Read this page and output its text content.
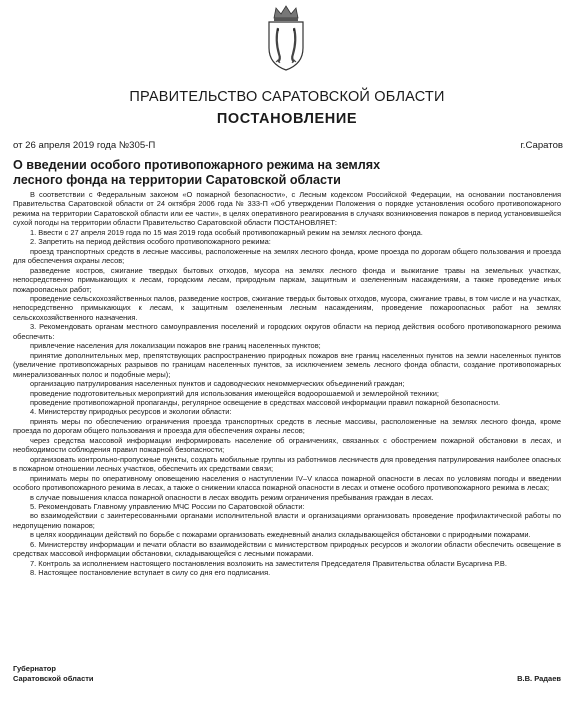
ПРАВИТЕЛЬСТВО САРАТОВСКОЙ ОБЛАСТИ
ПОСТАНОВЛЕНИЕ
от 26 апреля 2019 года №305-П	г.Саратов
О введении особого противопожарного режима на землях
лесного фонда на территории Саратовской области

В соответствии с Федеральным законом «О пожарной безопасности», с Лесным кодексом Российской Федерации, на основании постановления Правительства Саратовской области от 24 октября 2006 года № 333-П «Об утверждении Положения о порядке установления особого противопожарного режима на территории Саратовской области или ее части», в целях оперативного реагирования в случаях возникновения пожаров в период установившейся сухой погоды на территории области Правительство Саратовской области ПОСТАНОВЛЯЕТ:

1. Ввести с 27 апреля 2019 года по 15 мая 2019 года особый противопожарный режим на землях лесного фонда.

2. Запретить на период действия особого противопожарного режима:

проезд транспортных средств в лесные массивы, расположенные на землях лесного фонда, кроме проезда по дорогам общего пользования и проезда для обеспечения охраны лесов;

разведение костров, сжигание твердых бытовых отходов, мусора на землях лесного фонда и выжигание травы на земельных участках, непосредственно примыкающих к лесам, городским лесам, природным паркам, защитным и озелененным насаждениям, а также проведение иных пожароопасных работ;

проведение сельскохозяйственных палов, разведение костров, сжигание твердых бытовых отходов, мусора, сжигание травы, в том числе и на участках, непосредственно примыкающих к лесам, к защитным озелененным лесным насаждениям, проведение пожароопасных работ на землях сельскохозяйственного назначения.

3. Рекомендовать органам местного самоуправления поселений и городских округов области на период действия особого противопожарного режима обеспечить:

привлечение населения для локализации пожаров вне границ населенных пунктов;

принятие дополнительных мер, препятствующих распространению природных пожаров вне границ населенных пунктов на земли населенных пунктов (увеличение противопожарных разрывов по границам населенных пунктов, за исключением земель лесного фонда области, создание противопожарных минерализованных полос и подобные меры);

организацию патрулирования населенных пунктов и садоводческих некоммерческих объединений граждан;

проведение подготовительных мероприятий для использования имеющейся водоорошаемой и землеройной техники;

проведение противопожарной пропаганды, регулярное освещение в средствах массовой информации правил пожарной безопасности.

4. Министерству природных ресурсов и экологии области:

принять меры по обеспечению ограничения проезда транспортных средств в лесные массивы, расположенные на землях лесного фонда, кроме проезда по дорогам общего пользования и проезда для обеспечения охраны лесов;

через средства массовой информации информировать население об ограничениях, связанных с обострением пожарной обстановки в лесах, и необходимости соблюдения правил пожарной безопасности;

организовать контрольно-пропускные пункты, создать мобильные группы из работников лесничеств для проведения патрулирования наиболее опасных в пожарном отношении лесных участков, обеспечить их средствами связи;

принимать меры по оперативному оповещению населения о наступлении IV–V класса пожарной опасности в лесах по условиям погоды и введении особого противопожарного режима в лесах, а также о снижении класса пожарной опасности в лесах и отмене особого противопожарного режима в лесах;

в случае повышения класса пожарной опасности в лесах вводить режим ограничения пребывания граждан в лесах.

5. Рекомендовать Главному управлению МЧС России по Саратовской области:

во взаимодействии с заинтересованными органами исполнительной власти и организациями организовать проведение профилактической работы по недопущению пожаров;

в целях координации действий по борьбе с пожарами организовать ежедневный анализ складывающейся обстановки с природными пожарами.

6. Министерству информации и печати области во взаимодействии с министерством природных ресурсов и экологии области обеспечить освещение в средствах массовой информации обстановки, складывающейся с лесными пожарами.

7. Контроль за исполнением настоящего постановления возложить на заместителя Председателя Правительства области Бусаргина Р.В.

8. Настоящее постановление вступает в силу со дня его подписания.

Губернатор
Саратовской области	В.В. Радаев
